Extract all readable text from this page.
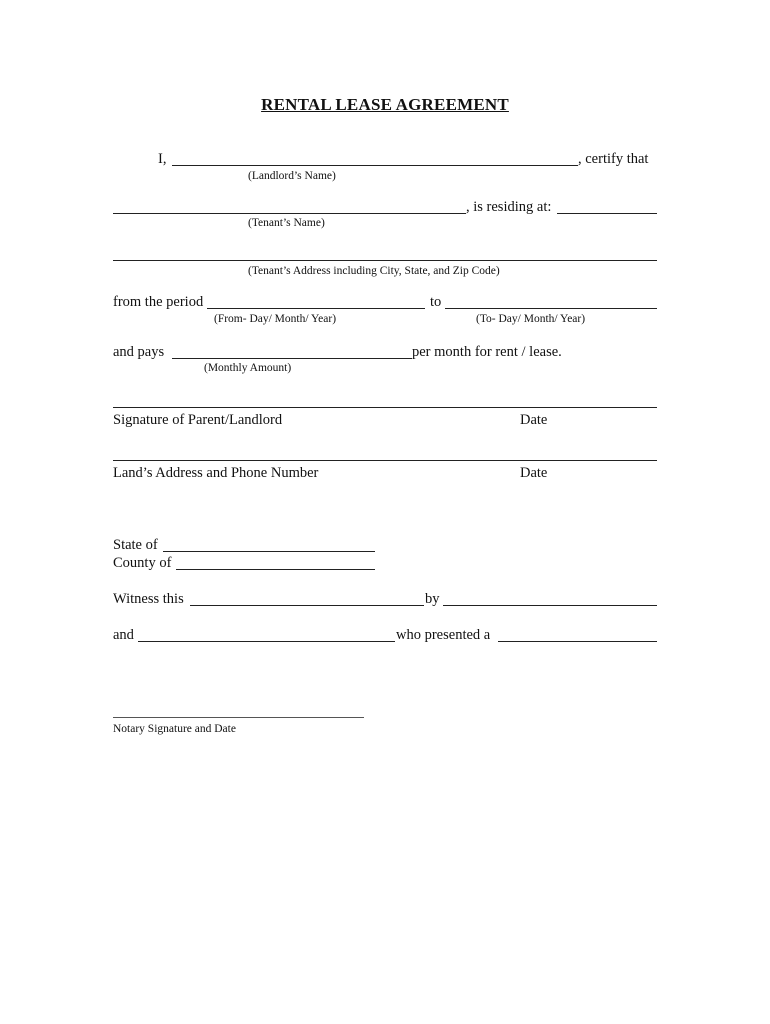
RENTAL LEASE AGREEMENT
I,	, certify that
(Landlord’s Name)
, is residing at:
(Tenant’s Name)
(Tenant’s Address including City, State, and Zip Code)
from the period	to
(From- Day/ Month/ Year)	(To- Day/ Month/ Year)
and pays	per month for rent / lease.
(Monthly Amount)
Signature of Parent/Landlord	Date
Land’s Address and Phone Number	Date
State of
County of
Witness this	by
and	who presented a
Notary Signature and Date
